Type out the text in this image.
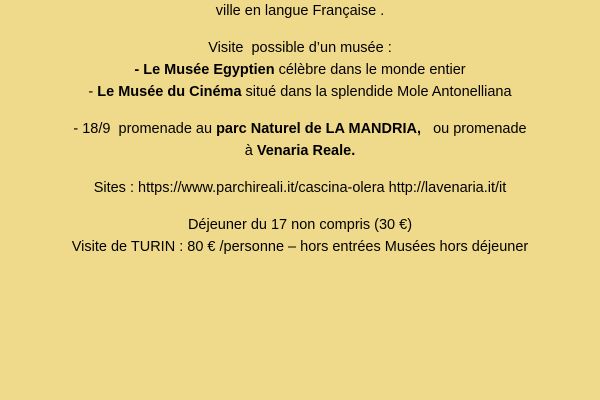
ville en langue Française .
Visite  possible d’un musée :
- Le Musée Egyptien célèbre dans le monde entier
- Le Musée du Cinéma situé dans la splendide Mole Antonelliana
- 18/9  promenade au parc Naturel de LA MANDRIA,   ou promenade
à Venaria Reale.
Sites : https://www.parchireali.it/cascina-olera http://lavenaria.it/it
Déjeuner du 17 non compris (30 €)
Visite de TURIN : 80 € /personne – hors entrées Musées hors déjeuner
